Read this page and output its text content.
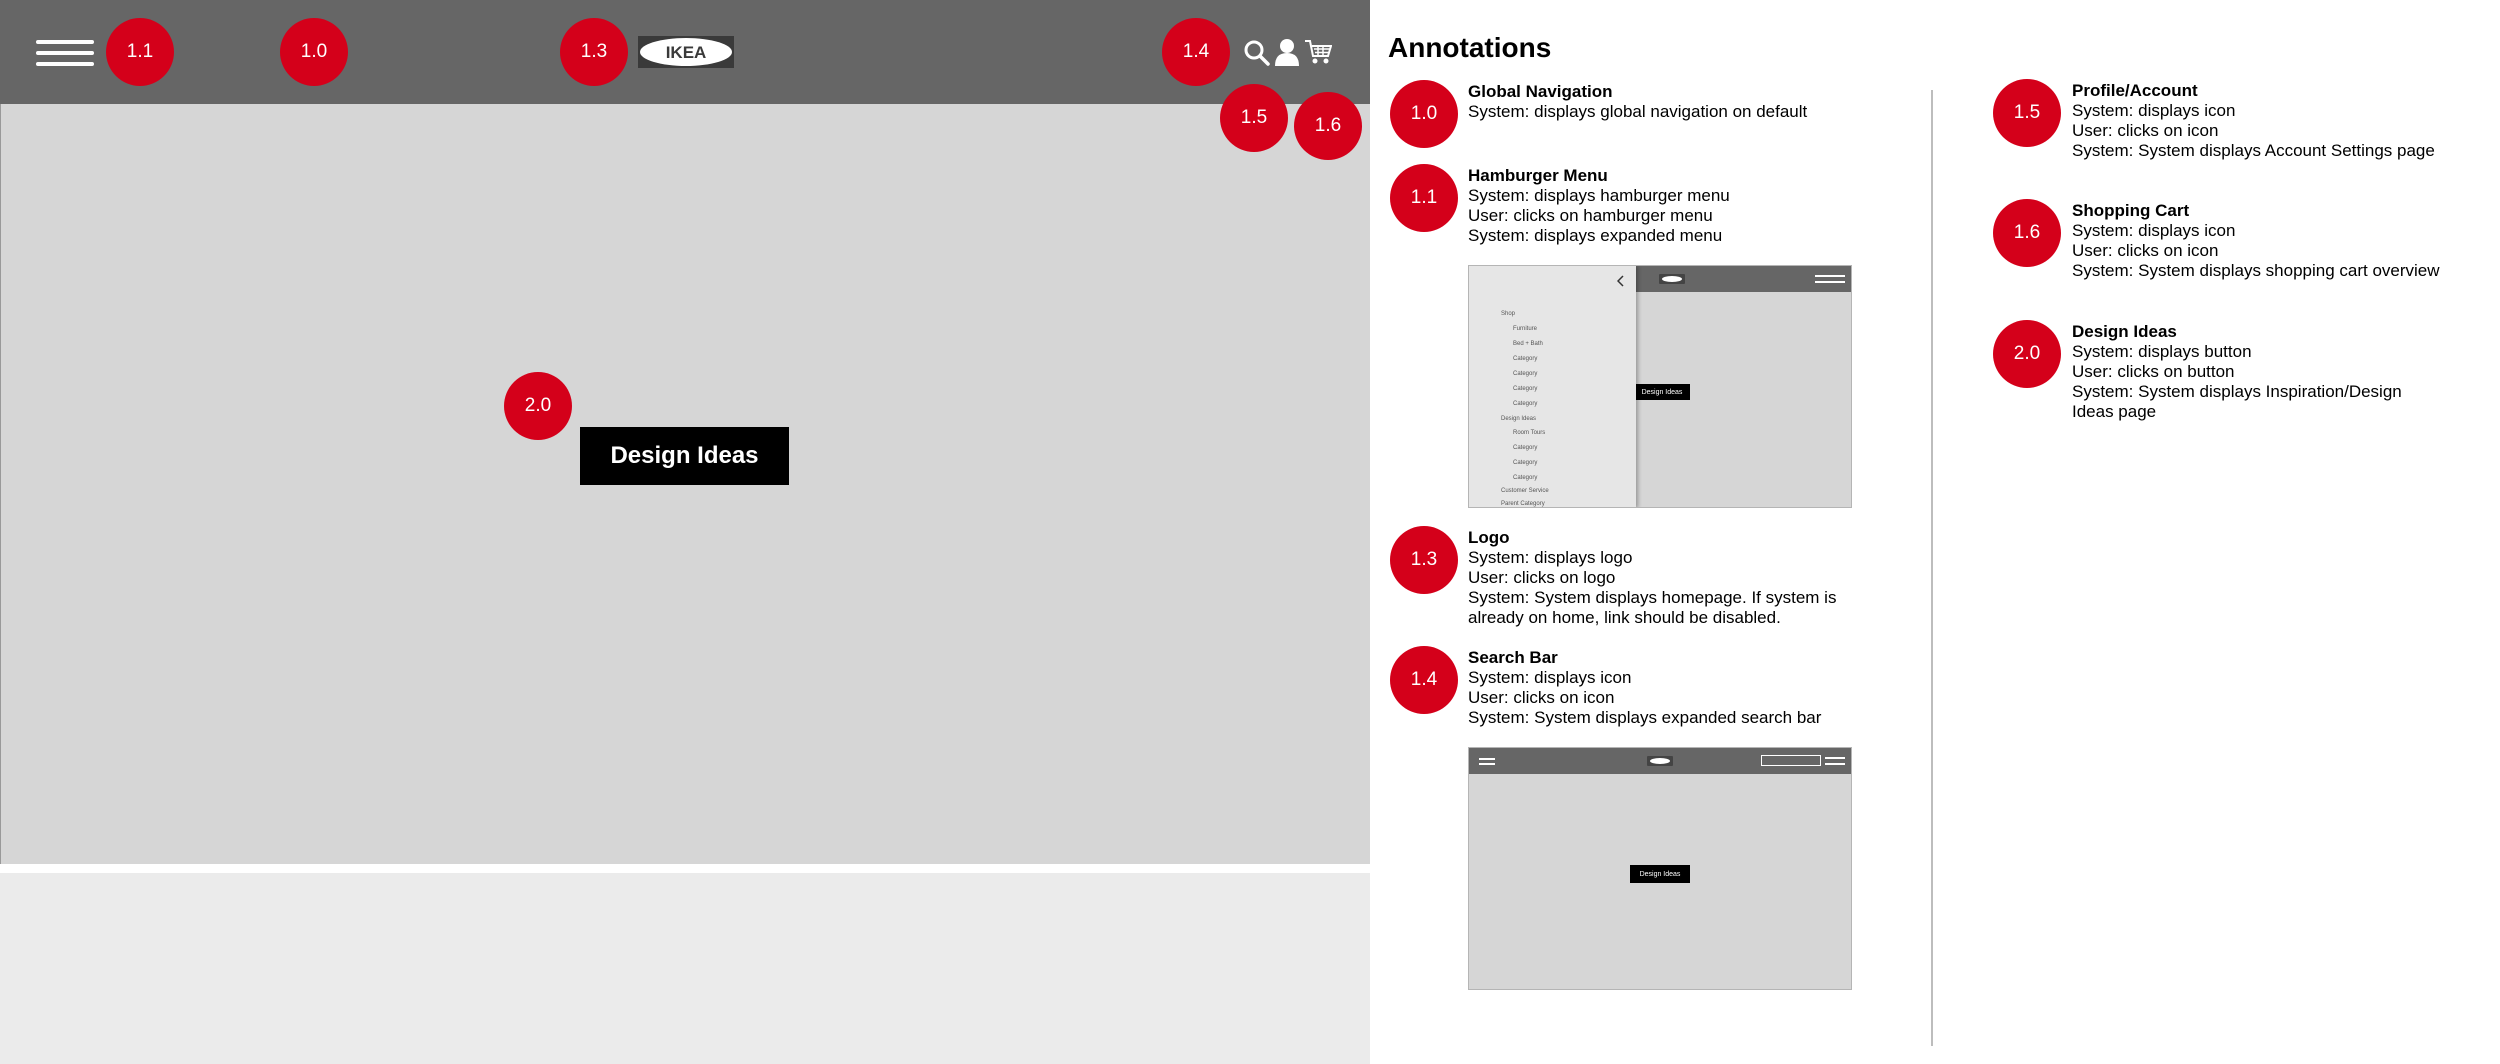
IKEA
Design Ideas
1.1	1.0	1.3	1.4
1.5	1.6
2.0
Annotations
1.0
Global Navigation
System: displays global navigation on default
1.1
Hamburger Menu
System: displays hamburger menu
User: clicks on hamburger menu
System: displays expanded menu
Design Ideas
Shop
Furniture
Bed + Bath
Category
Category
Category
Category
Design Ideas
Room Tours
Category
Category
Category
Customer Service
Parent Category
1.3
Logo
System: displays logo
User: clicks on logo
System: System displays homepage. If system is
already on home, link should be disabled.
1.4
Search Bar
System: displays icon
User: clicks on icon
System: System displays expanded search bar
Design Ideas
1.5
Profile/Account
System: displays icon
User: clicks on icon
System: System displays Account Settings page
1.6
Shopping Cart
System: displays icon
User: clicks on icon
System: System displays shopping cart overview
2.0
Design Ideas
System: displays button
User: clicks on button
System: System displays Inspiration/Design
Ideas page
